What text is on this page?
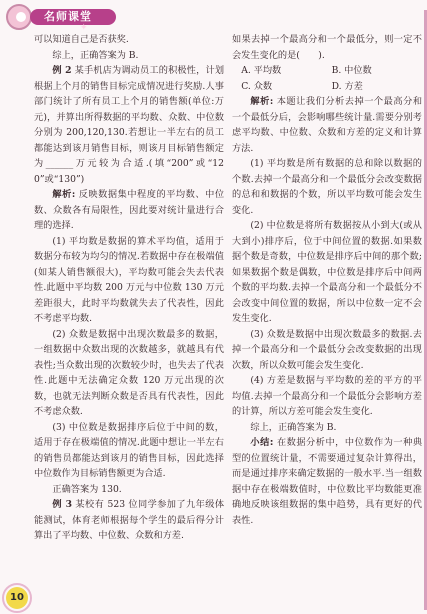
✦
名师课堂

可以知道自己是否获奖.

综上，正确答案为 B.

例 2 某手机店为调动员工的积极性，计划根据上个月的销售目标完成情况进行奖励.人事部门统计了所有员工上个月的销售额(单位:万元)，并算出所得数据的平均数、众数、中位数分别为 200,120,130.若想让一半左右的员工都能达到该月销售目标，则该月目标销售额定为______万元较为合适.(填“200”或“120”或“130”)

解析: 反映数据集中程度的平均数、中位数、众数各有局限性，因此要对统计量进行合理的选择.

(1) 平均数是数据的算术平均值，适用于数据分布较为均匀的情况.若数据中存在极端值(如某人销售额很大)，平均数可能会失去代表性.此题中平均数 200 万元与中位数 130 万元差距很大，此时平均数就失去了代表性，因此不考虑平均数.

(2) 众数是数据中出现次数最多的数据，一组数据中众数出现的次数越多，就越具有代表性;当众数出现的次数较少时，也失去了代表性.此题中无法确定众数 120 万元出现的次数，也就无法判断众数是否具有代表性，因此不考虑众数.

(3) 中位数是数据排序后位于中间的数，适用于存在极端值的情况.此题中想让一半左右的销售员都能达到该月的销售目标，因此选择中位数作为目标销售额更为合适.

正确答案为 130.

例 3 某校有 523 位同学参加了九年级体能测试，体育老师根据每个学生的最后得分计算出了平均数、中位数、众数和方差.

如果去掉一个最高分和一个最低分，则一定不会发生变化的是(　　).

A. 平均数	B. 中位数
C. 众数	D. 方差

解析: 本题让我们分析去掉一个最高分和一个最低分后，会影响哪些统计量.需要分别考虑平均数、中位数、众数和方差的定义和计算方法.

(1) 平均数是所有数据的总和除以数据的个数.去掉一个最高分和一个最低分会改变数据的总和和数据的个数，所以平均数可能会发生变化.

(2) 中位数是将所有数据按从小到大(或从大到小)排序后，位于中间位置的数据.如果数据个数是奇数，中位数是排序后中间的那个数;如果数据个数是偶数，中位数是排序后中间两个数的平均数.去掉一个最高分和一个最低分不会改变中间位置的数据，所以中位数一定不会发生变化.

(3) 众数是数据中出现次数最多的数据.去掉一个最高分和一个最低分会改变数据的出现次数，所以众数可能会发生变化.

(4) 方差是数据与平均数的差的平方的平均值.去掉一个最高分和一个最低分会影响方差的计算，所以方差可能会发生变化.

综上，正确答案为 B.

小结: 在数据分析中，中位数作为一种典型的位置统计量，不需要通过复杂计算得出，而是通过排序来确定数据的一般水平.当一组数据中存在极端数值时，中位数比平均数能更准确地反映该组数据的集中趋势，具有更好的代表性.

10
